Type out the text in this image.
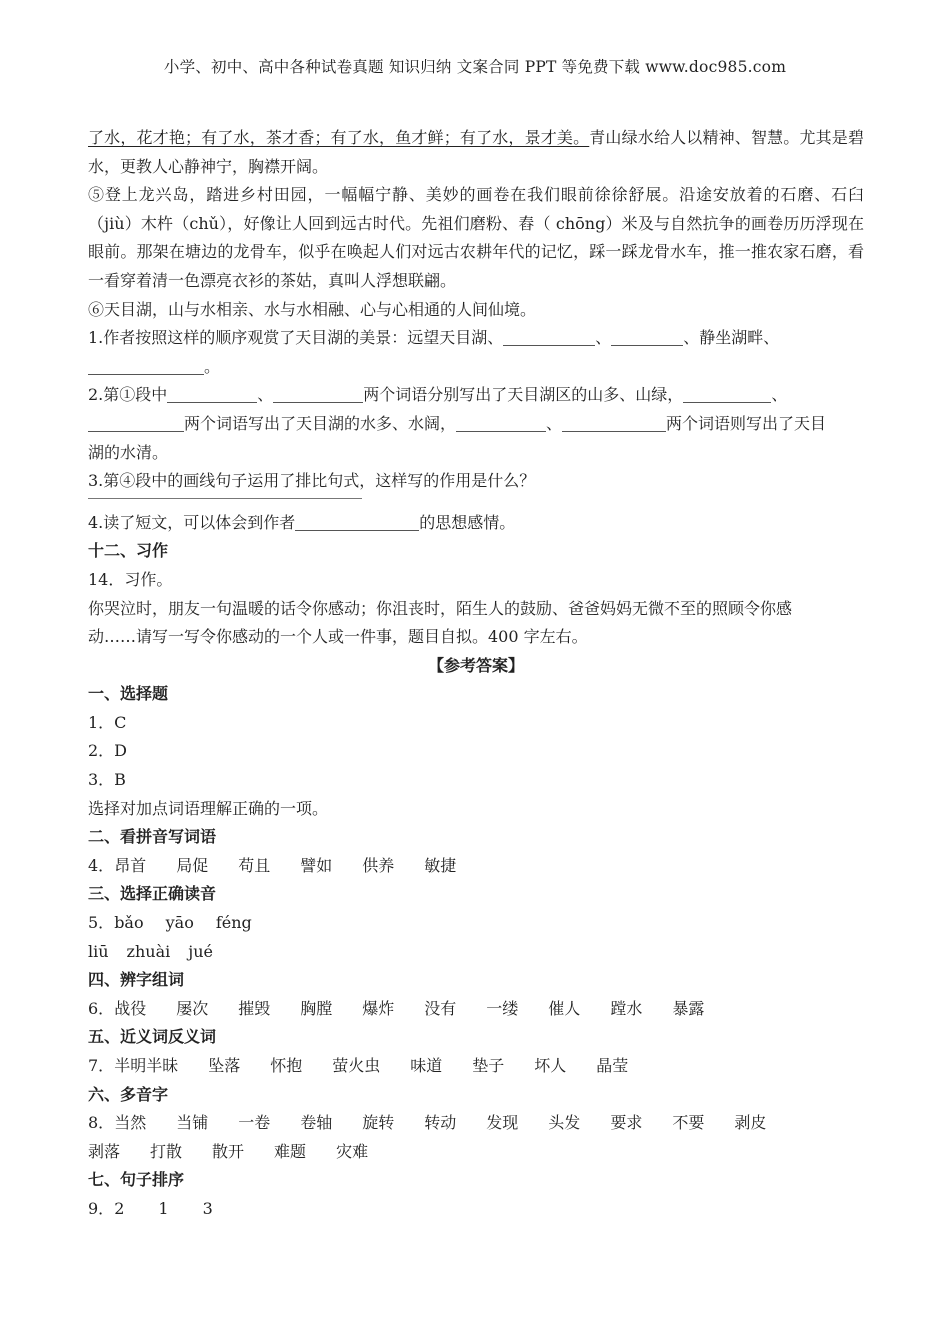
小学、初中、高中各种试卷真题 知识归纳 文案合同 PPT 等免费下载 www.doc985.com
了水，花才艳；有了水，茶才香；有了水，鱼才鲜；有了水，景才美。青山绿水给人以精神、智慧。尤其是碧水，更教人心静神宁，胸襟开阔。
⑤登上龙兴岛，踏进乡村田园，一幅幅宁静、美妙的画卷在我们眼前徐徐舒展。沿途安放着的石磨、石臼（jiù）木杵（chǔ），好像让人回到远古时代。先祖们磨粉、舂（ chōng）米及与自然抗争的画卷历历浮现在眼前。那架在塘边的龙骨车，似乎在唤起人们对远古农耕年代的记忆，踩一踩龙骨水车，推一推农家石磨，看一看穿着清一色漂亮衣衫的茶姑，真叫人浮想联翩。
⑥天目湖，山与水相亲、水与水相融、心与心相通的人间仙境。
1.作者按照这样的顺序观赏了天目湖的美景：远望天目湖、	、	、静坐湖畔、
。
2.第①段中	、	两个词语分别写出了天目湖区的山多、山绿，	、
两个词语写出了天目湖的水多、水阔，	、	两个词语则写出了天目
湖的水清。
3.第④段中的画线句子运用了排比句式，这样写的作用是什么？
4.读了短文，可以体会到作者	的思想感情。
十二、习作
14．习作。
你哭泣时，朋友一句温暖的话令你感动；你沮丧时，陌生人的鼓励、爸爸妈妈无微不至的照顾令你感
动……请写一写令你感动的一个人或一件事，题目自拟。400 字左右。
【参考答案】
一、选择题
1．C
2．D
3．B
选择对加点词语理解正确的一项。
二、看拼音写词语
4．昂首 局促 苟且 譬如 供养 敏捷
三、选择正确读音
5．bǎo yāo féng
liū zhuài jué
四、辨字组词
6．战役 屡次 摧毁 胸膛 爆炸 没有 一缕 催人 蹚水 暴露
五、近义词反义词
7．半明半昧 坠落 怀抱 萤火虫 味道 垫子 坏人 晶莹
六、多音字
8．当然 当铺 一卷 卷轴 旋转 转动 发现 头发 要求 不要 剥皮
剥落 打散 散开 难题 灾难
七、句子排序
9．2 1 3
